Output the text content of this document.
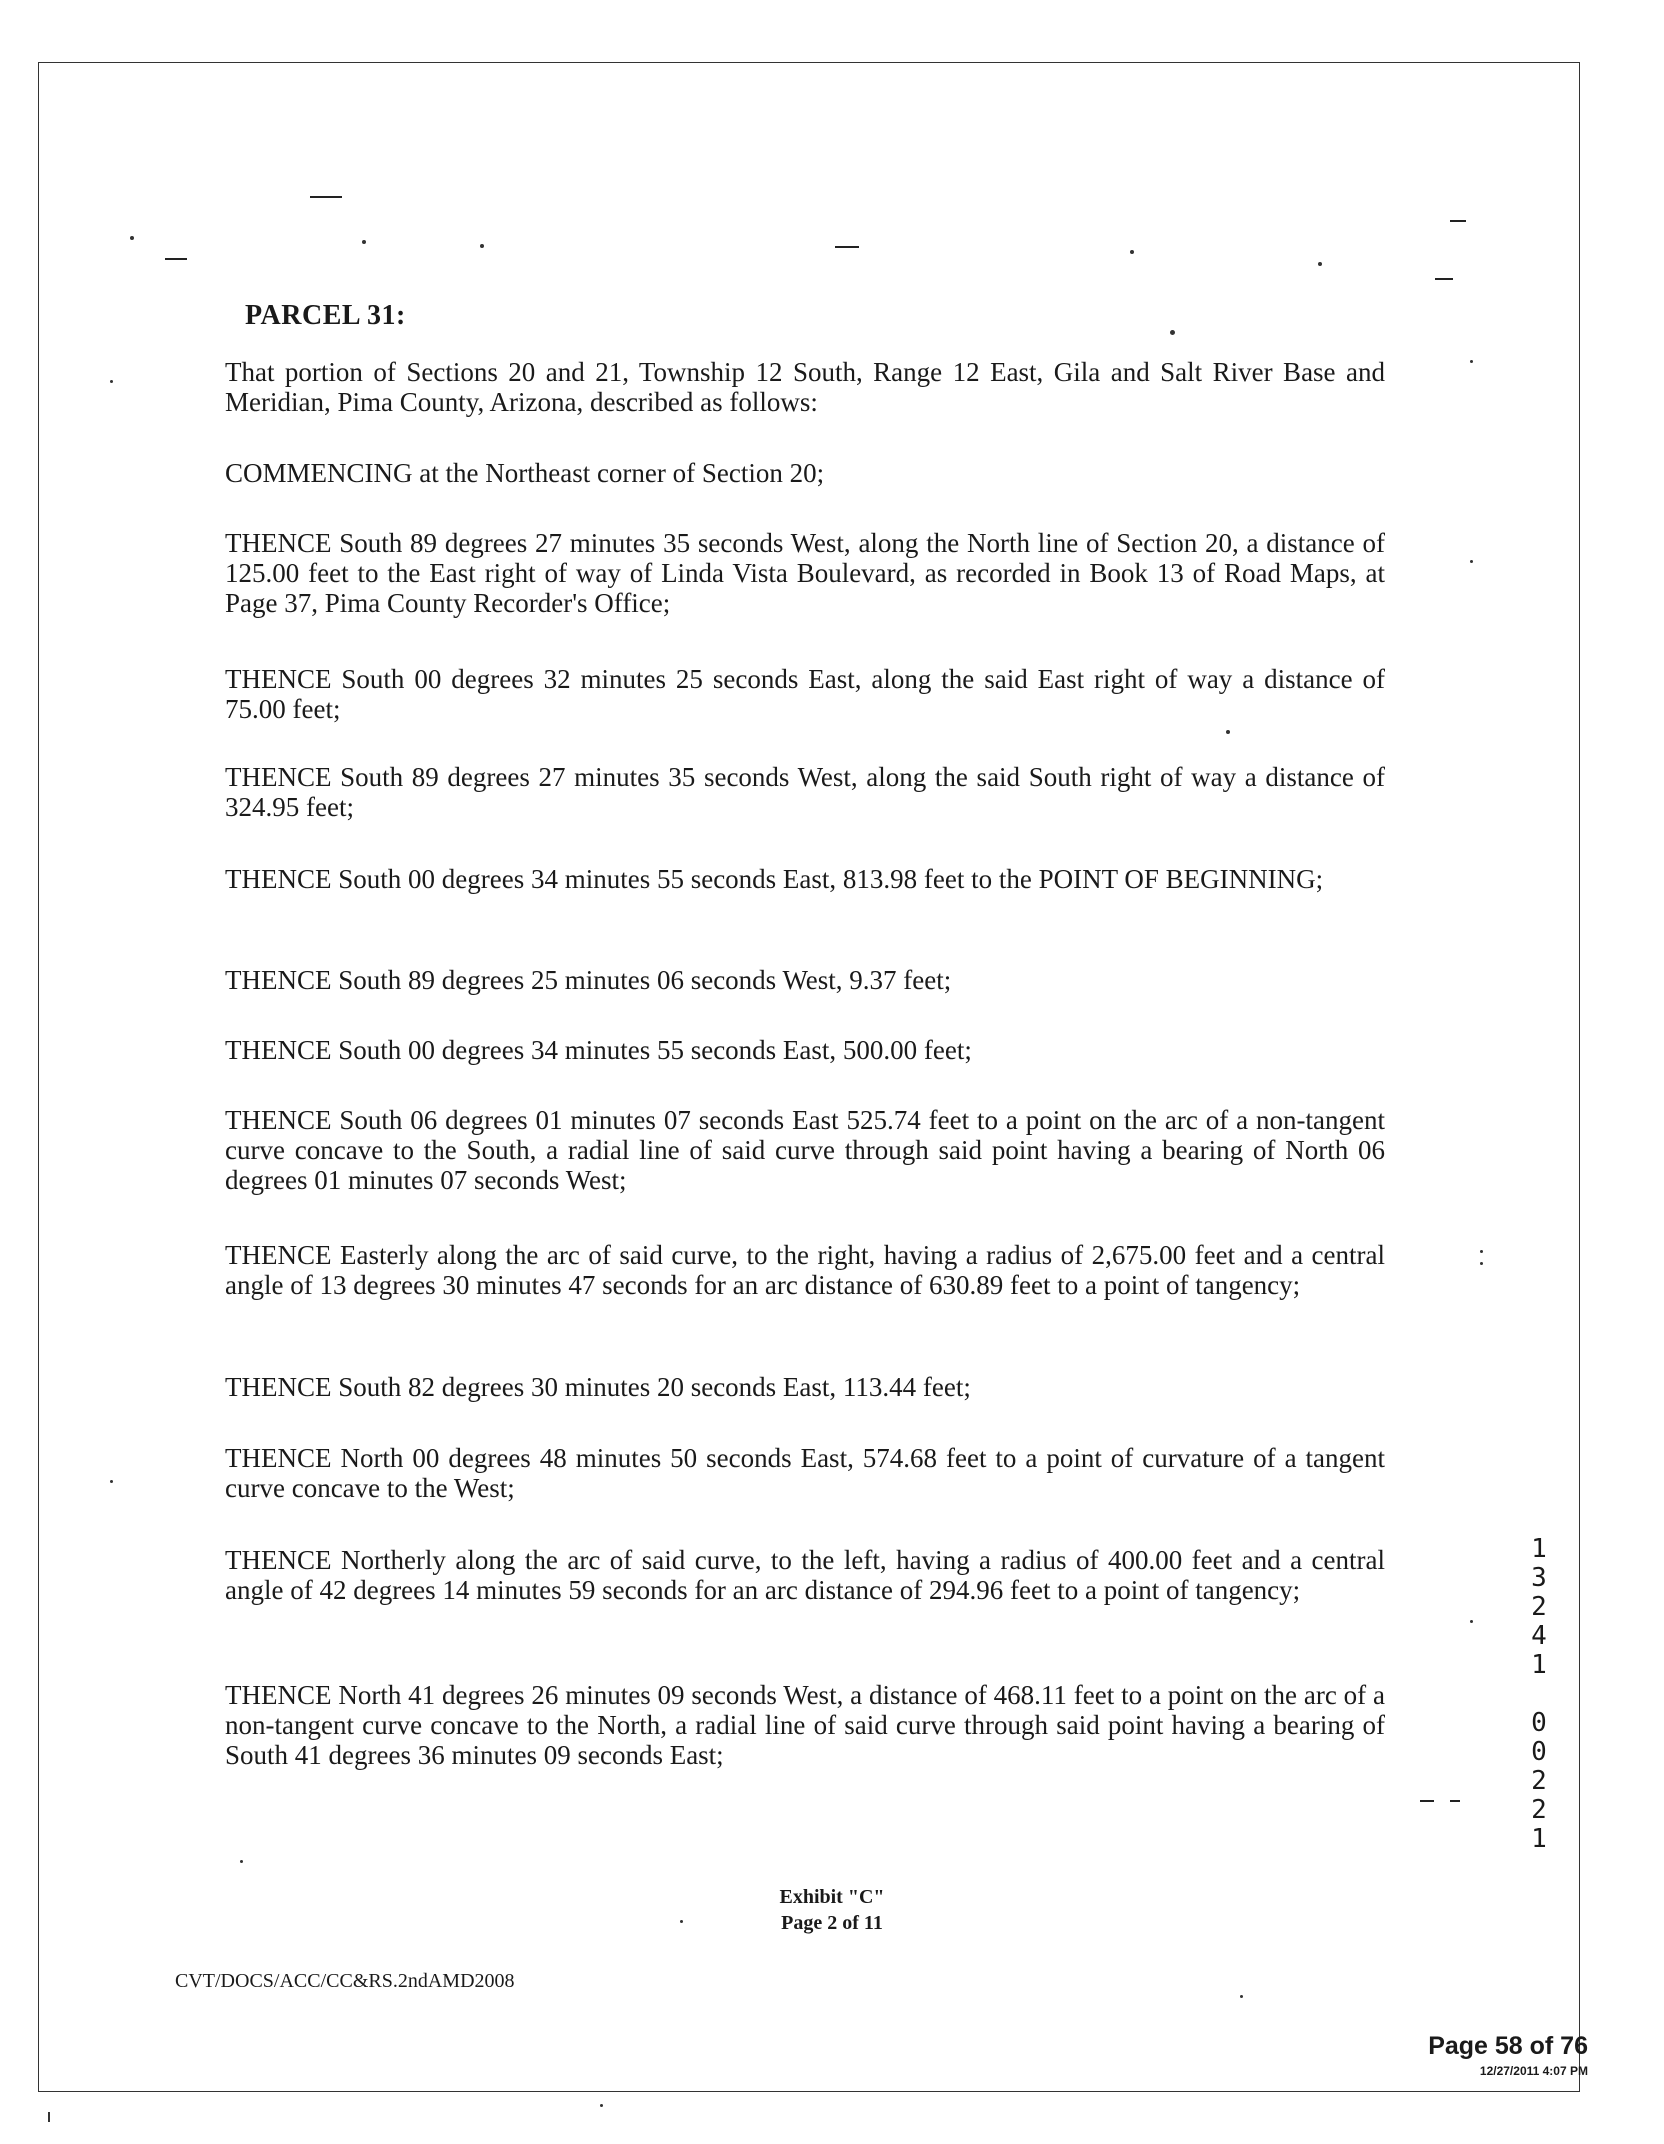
PARCEL 31:

That portion of Sections 20 and 21, Township 12 South, Range 12 East, Gila and Salt River Base and Meridian, Pima County, Arizona, described as follows:

COMMENCING at the Northeast corner of Section 20;

THENCE South 89 degrees 27 minutes 35 seconds West, along the North line of Section 20, a distance of 125.00 feet to the East right of way of Linda Vista Boulevard, as recorded in Book 13 of Road Maps, at Page 37, Pima County Recorder's Office;

THENCE South 00 degrees 32 minutes 25 seconds East, along the said East right of way a distance of 75.00 feet;

THENCE South 89 degrees 27 minutes 35 seconds West, along the said South right of way a distance of 324.95 feet;

THENCE South 00 degrees 34 minutes 55 seconds East, 813.98 feet to the POINT OF BEGINNING;

THENCE South 89 degrees 25 minutes 06 seconds West, 9.37 feet;

THENCE South 00 degrees 34 minutes 55 seconds East, 500.00 feet;

THENCE South 06 degrees 01 minutes 07 seconds East 525.74 feet to a point on the arc of a non-tangent curve concave to the South, a radial line of said curve through said point having a bearing of North 06 degrees 01 minutes 07 seconds West;

THENCE Easterly along the arc of said curve, to the right, having a radius of 2,675.00 feet and a central angle of 13 degrees 30 minutes 47 seconds for an arc distance of 630.89 feet to a point of tangency;

THENCE South 82 degrees 30 minutes 20 seconds East, 113.44 feet;

THENCE North 00 degrees 48 minutes 50 seconds East, 574.68 feet to a point of curvature of a tangent curve concave to the West;

THENCE Northerly along the arc of said curve, to the left, having a radius of 400.00 feet and a central angle of 42 degrees 14 minutes 59 seconds for an arc distance of 294.96 feet to a point of tangency;

THENCE North 41 degrees 26 minutes 09 seconds West, a distance of 468.11 feet to a point on the arc of a non-tangent curve concave to the North, a radial line of said curve through said point having a bearing of South 41 degrees 36 minutes 09 seconds East;

Exhibit "C"
Page 2 of 11
CVT/DOCS/ACC/CC&RS.2ndAMD2008
1
3
2
4
1

0
0
2
2
1
Page 58 of 76
12/27/2011 4:07 PM
